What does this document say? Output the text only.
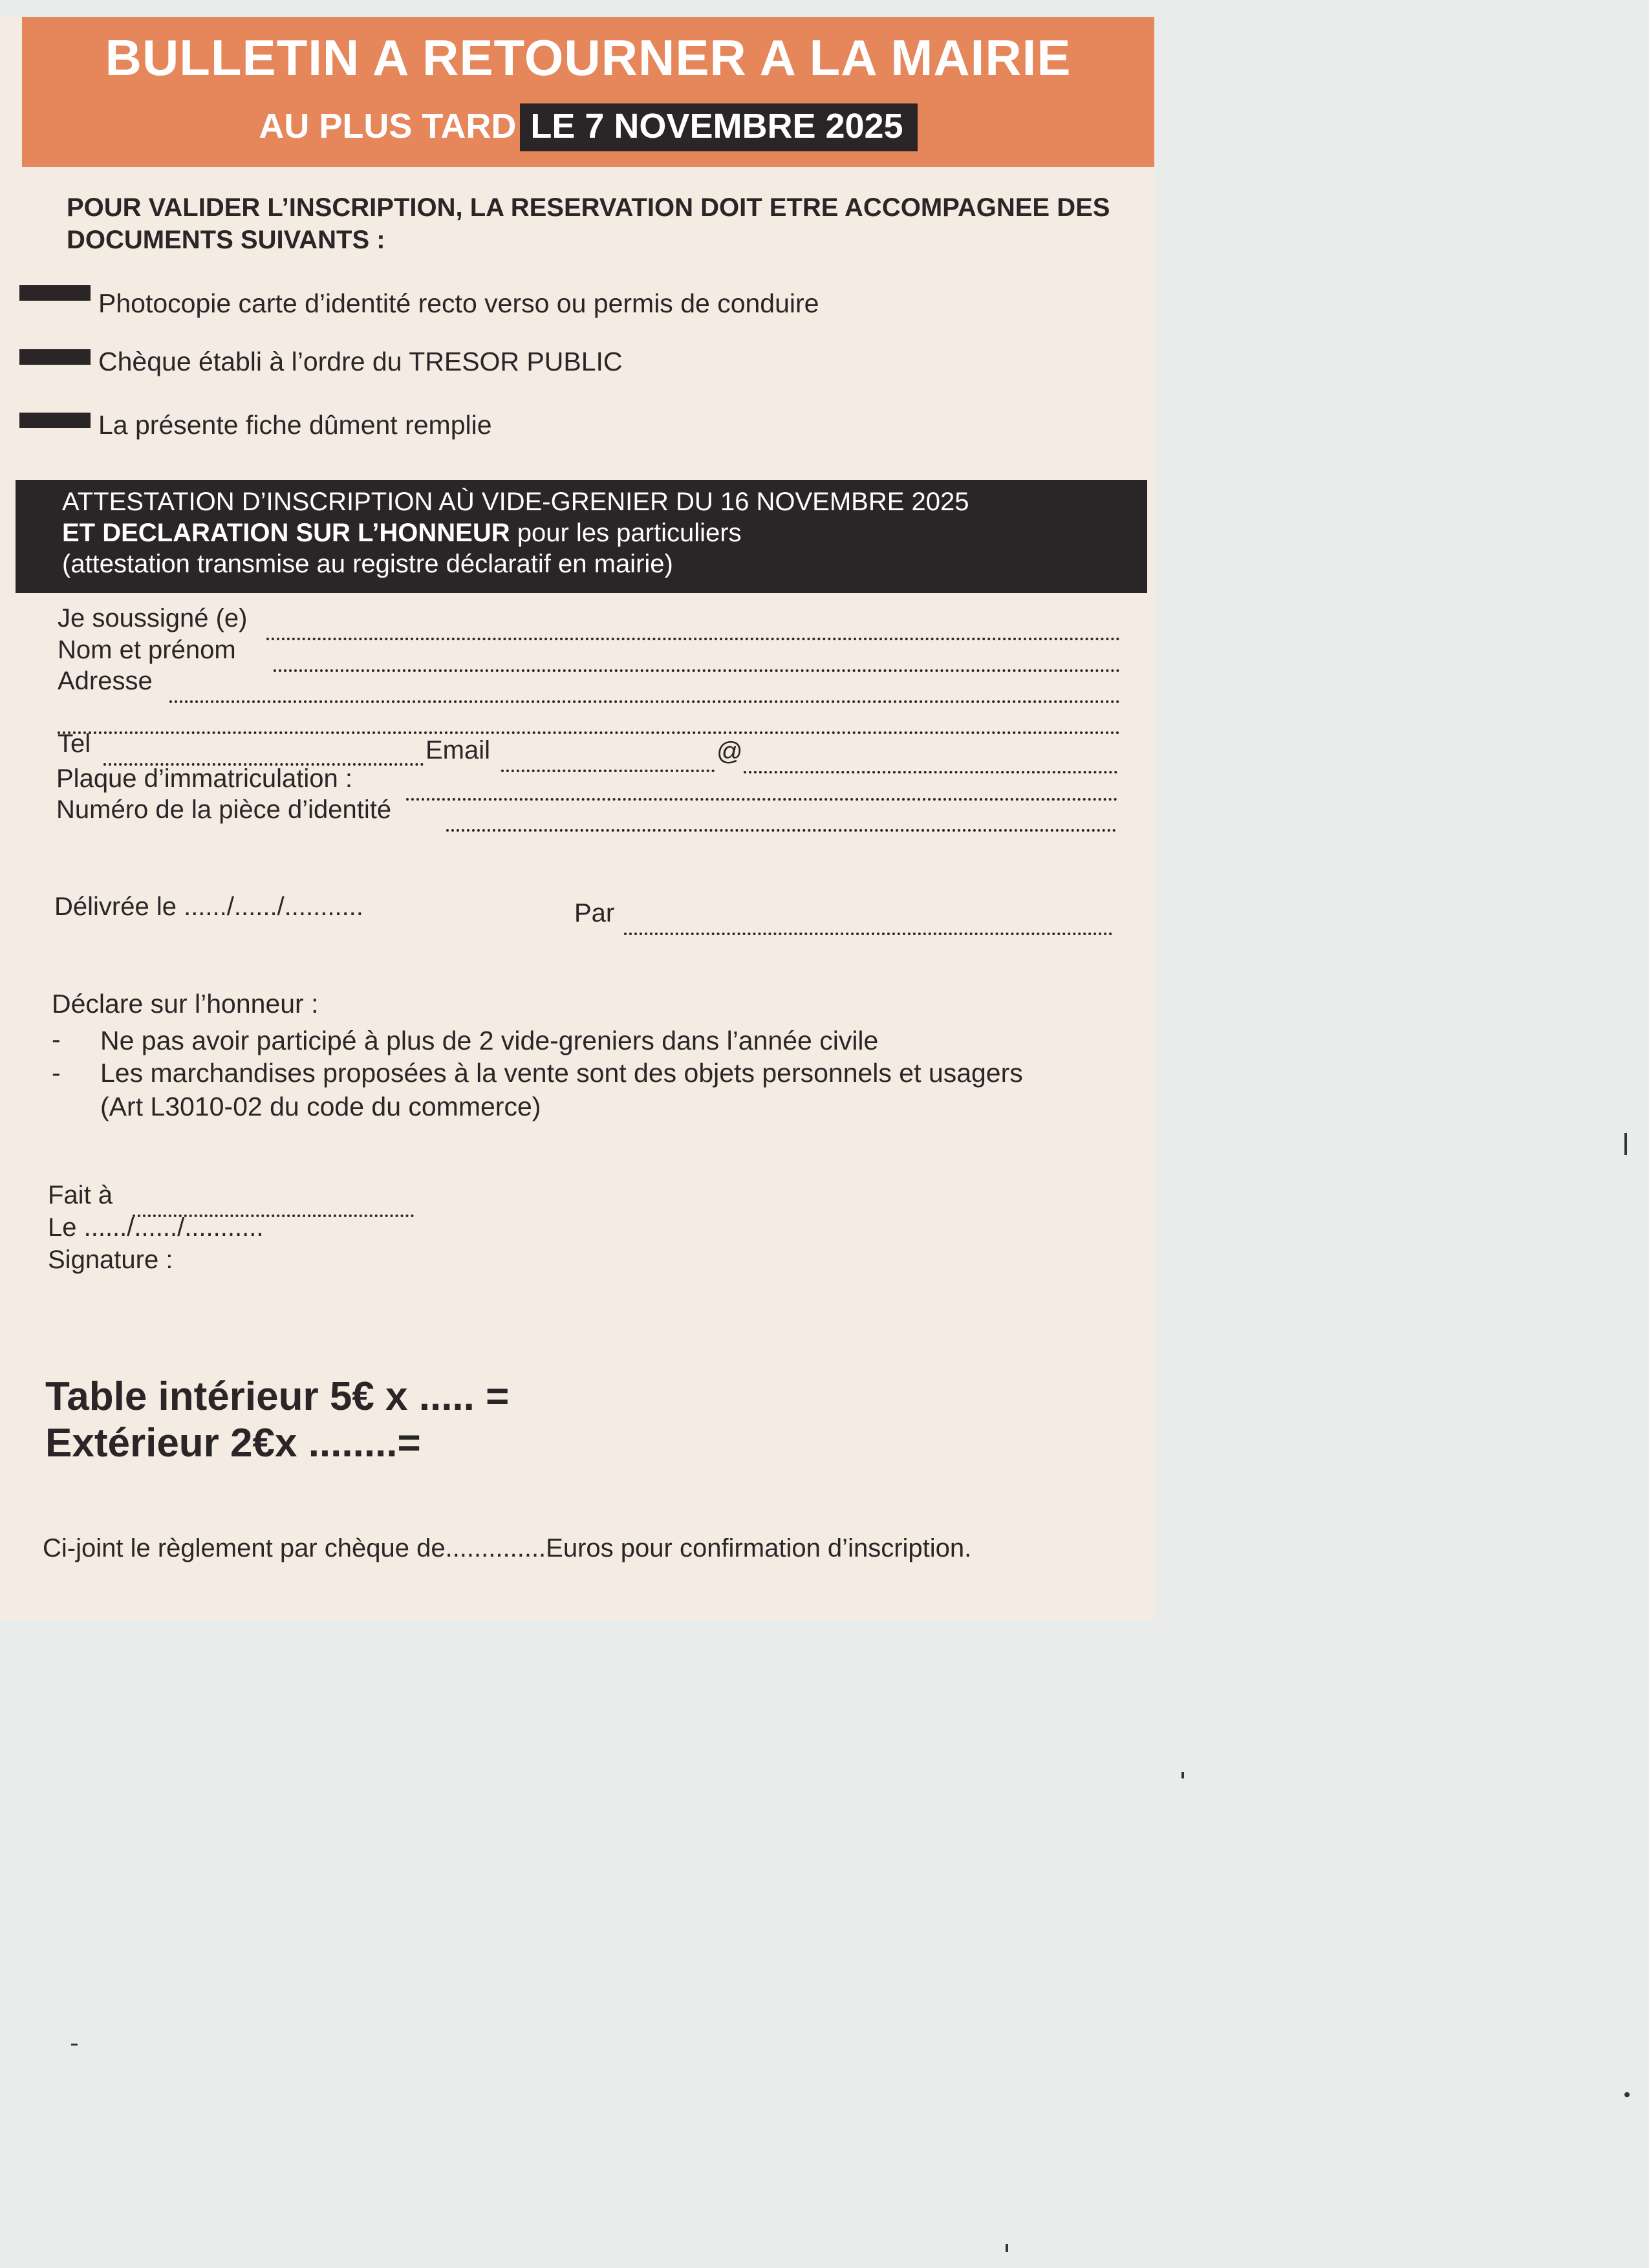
BULLETIN A RETOURNER A LA MAIRIE
AU PLUS TARD LE 7 NOVEMBRE 2025
POUR VALIDER L’INSCRIPTION, LA RESERVATION DOIT ETRE ACCOMPAGNEE DES DOCUMENTS SUIVANTS :
Photocopie carte d’identité recto verso ou permis de conduire
Chèque établi à l’ordre du TRESOR PUBLIC
La présente fiche dûment remplie
ATTESTATION D’INSCRIPTION AÙ VIDE-GRENIER DU 16 NOVEMBRE 2025
ET DECLARATION SUR L’HONNEUR pour les particuliers
(attestation transmise au registre déclaratif en mairie)
Je soussigné (e)
Nom et prénom
Adresse
Tel	Email	@
Plaque d’immatriculation :
Numéro de la pièce d’identité
Délivrée le ....../....../...........	Par
Déclare sur l’honneur :
- Ne pas avoir participé à plus de 2 vide-greniers dans l’année civile
- Les marchandises proposées à la vente sont des objets personnels et usagers
(Art L3010-02 du code du commerce)
Fait à
Le ....../....../...........
Signature :
Table intérieur 5€ x ..... =
Extérieur 2€x ........=
Ci-joint le règlement par chèque de..............Euros pour confirmation d’inscription.
